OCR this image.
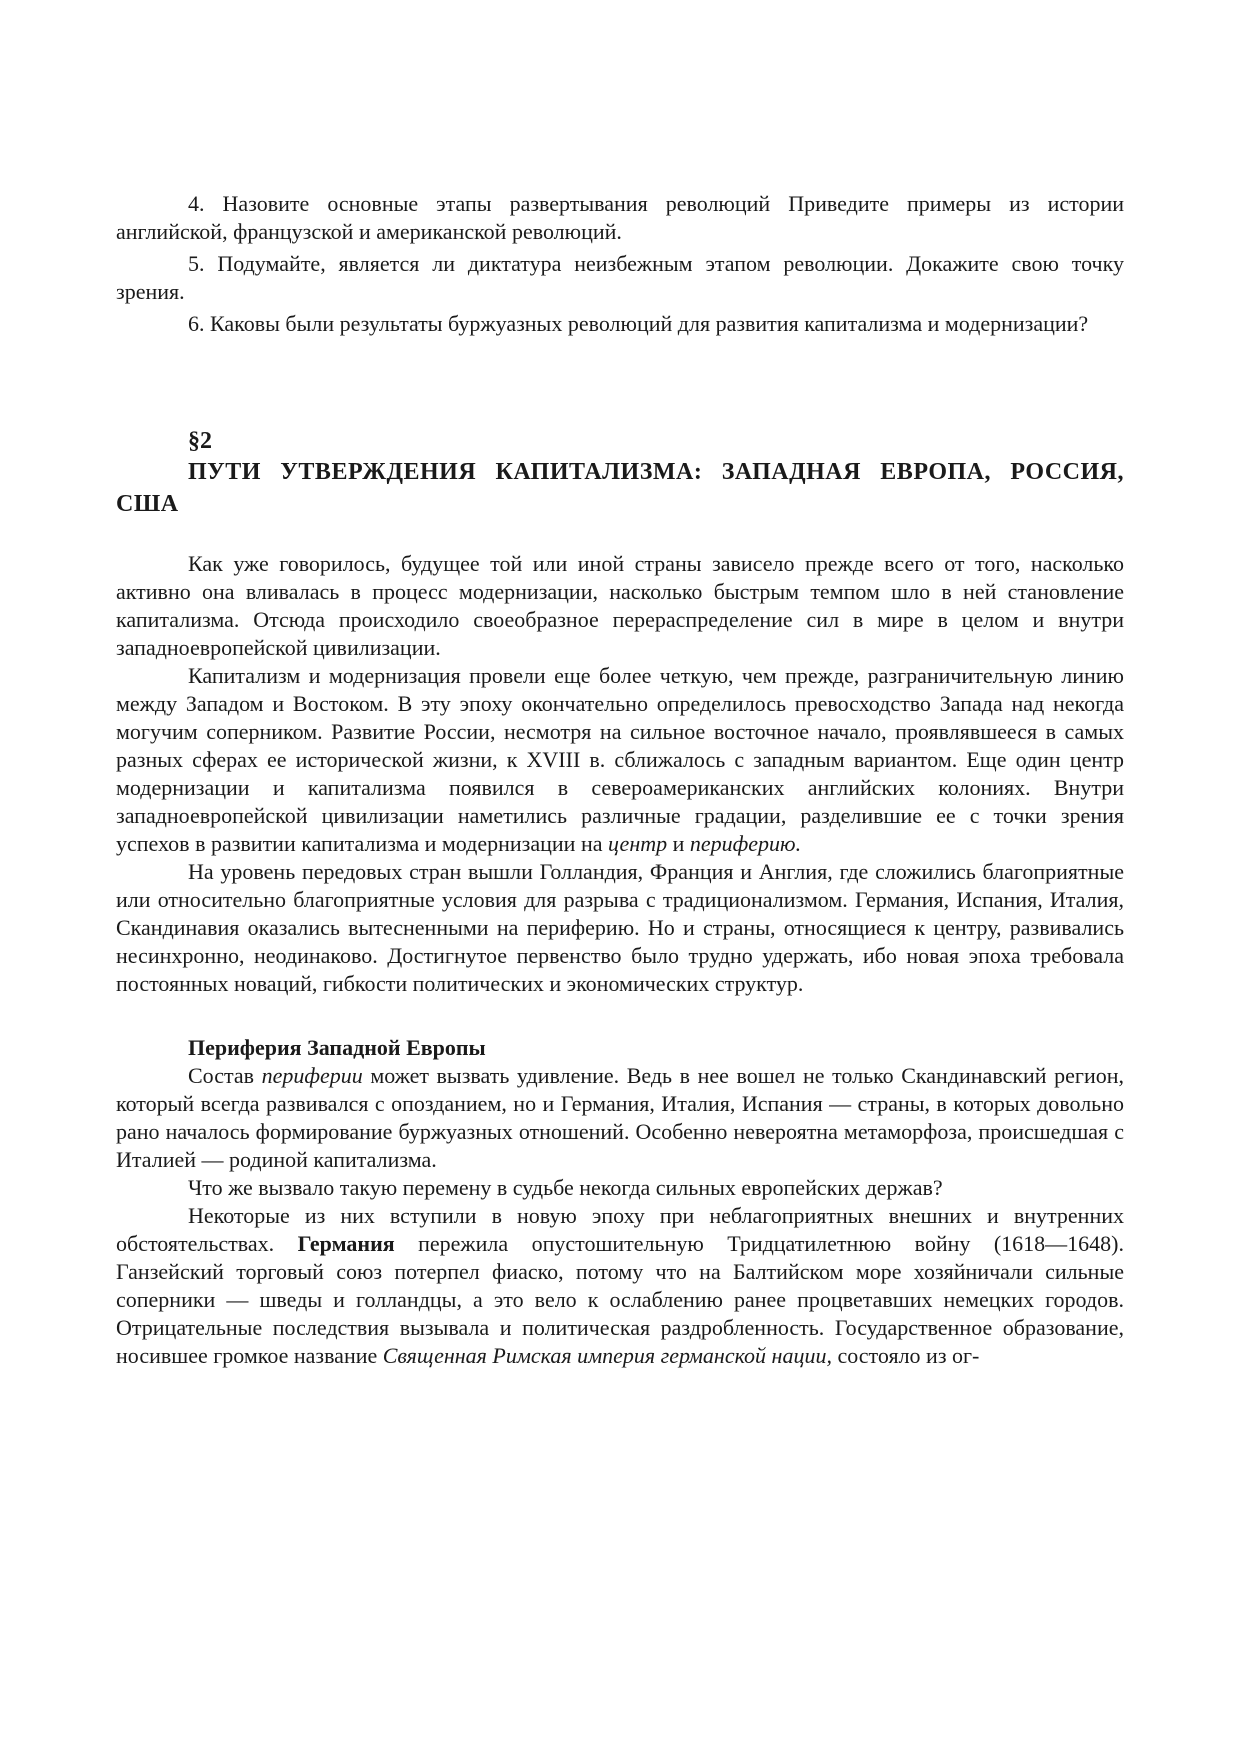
4. Назовите основные этапы развертывания революций Приведите примеры из истории английской, французской и американской революций.

5. Подумайте, является ли диктатура неизбежным этапом революции. Докажите свою точку зрения.

6. Каковы были результаты буржуазных революций для развития капитализма и модернизации?

§2

ПУТИ УТВЕРЖДЕНИЯ КАПИТАЛИЗМА: ЗАПАДНАЯ ЕВРОПА, РОССИЯ, США

Как уже говорилось, будущее той или иной страны зависело прежде всего от того, насколько активно она вливалась в процесс модернизации, насколько быстрым темпом шло в ней становление капитализма. Отсюда происходило своеобразное перераспределение сил в мире в целом и внутри западноевропейской цивилизации.

Капитализм и модернизация провели еще более четкую, чем прежде, разграничительную линию между Западом и Востоком. В эту эпоху окончательно определилось превосходство Запада над некогда могучим соперником. Развитие России, несмотря на сильное восточное начало, проявлявшееся в самых разных сферах ее исторической жизни, к XVIII в. сближалось с западным вариантом. Еще один центр модернизации и капитализма появился в североамериканских английских колониях. Внутри западноевропейской цивилизации наметились различные градации, разделившие ее с точки зрения успехов в развитии капитализма и модернизации на центр и периферию.

На уровень передовых стран вышли Голландия, Франция и Англия, где сложились благоприятные или относительно благоприятные условия для разрыва с традиционализмом. Германия, Испания, Италия, Скандинавия оказались вытесненными на периферию. Но и страны, относящиеся к центру, развивались несинхронно, неодинаково. Достигнутое первенство было трудно удержать, ибо новая эпоха требовала постоянных новаций, гибкости политических и экономических структур.

Периферия Западной Европы

Состав периферии может вызвать удивление. Ведь в нее вошел не только Скандинавский регион, который всегда развивался с опозданием, но и Германия, Италия, Испания — страны, в которых довольно рано началось формирование буржуазных отношений. Особенно невероятна метаморфоза, происшедшая с Италией — родиной капитализма.

Что же вызвало такую перемену в судьбе некогда сильных европейских держав?

Некоторые из них вступили в новую эпоху при неблагоприятных внешних и внутренних обстоятельствах. Германия пережила опустошительную Тридцатилетнюю войну (1618—1648). Ганзейский торговый союз потерпел фиаско, потому что на Балтийском море хозяйничали сильные соперники — шведы и голландцы, а это вело к ослаблению ранее процветавших немецких городов. Отрицательные последствия вызывала и политическая раздробленность. Государственное образование, носившее громкое название Священная Римская империя германской нации, состояло из ог-
